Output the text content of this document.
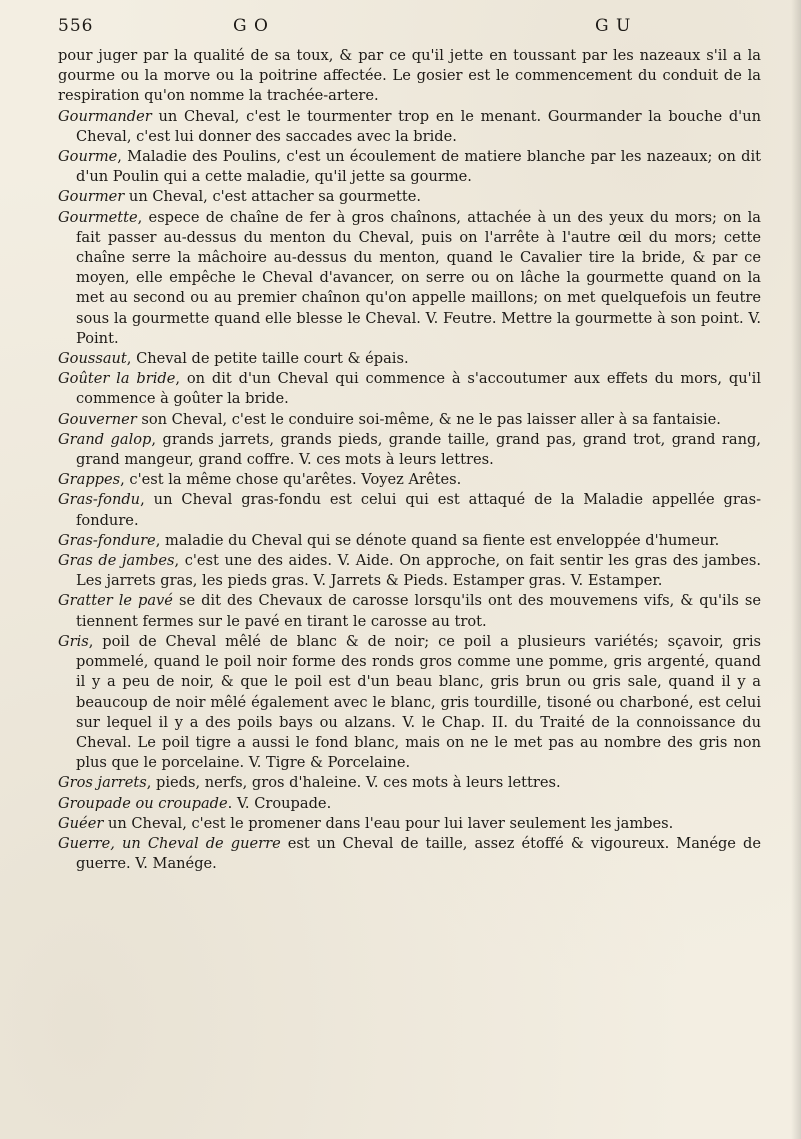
556	G O	G U

pour juger par la qualité de sa toux, & par ce qu'il jette en toussant par les nazeaux s'il a la gourme ou la morve ou la poitrine affectée. Le gosier est le commencement du conduit de la respiration qu'on nomme la trachée-artere.

Gourmander un Cheval, c'est le tourmenter trop en le menant. Gourmander la bouche d'un Cheval, c'est lui donner des saccades avec la bride.

Gourme, Maladie des Poulins, c'est un écoulement de matiere blanche par les nazeaux; on dit d'un Poulin qui a cette maladie, qu'il jette sa gourme.

Gourmer un Cheval, c'est attacher sa gourmette.

Gourmette, espece de chaîne de fer à gros chaînons, attachée à un des yeux du mors; on la fait passer au-dessus du menton du Cheval, puis on l'arrête à l'autre œil du mors; cette chaîne serre la mâchoire au-dessus du menton, quand le Cavalier tire la bride, & par ce moyen, elle empêche le Cheval d'avancer, on serre ou on lâche la gourmette quand on la met au second ou au premier chaînon qu'on appelle maillons; on met quelquefois un feutre sous la gourmette quand elle blesse le Cheval. V. Feutre. Mettre la gourmette à son point. V. Point.

Goussaut, Cheval de petite taille court & épais.

Goûter la bride, on dit d'un Cheval qui commence à s'accoutumer aux effets du mors, qu'il commence à goûter la bride.

Gouverner son Cheval, c'est le conduire soi-même, & ne le pas laisser aller à sa fantaisie.

Grand galop, grands jarrets, grands pieds, grande taille, grand pas, grand trot, grand rang, grand mangeur, grand coffre. V. ces mots à leurs lettres.

Grappes, c'est la même chose qu'arêtes. Voyez Arêtes.

Gras-fondu, un Cheval gras-fondu est celui qui est attaqué de la Maladie appellée gras-fondure.

Gras-fondure, maladie du Cheval qui se dénote quand sa fiente est enveloppée d'humeur.

Gras de jambes, c'est une des aides. V. Aide. On approche, on fait sentir les gras des jambes. Les jarrets gras, les pieds gras. V. Jarrets & Pieds. Estamper gras. V. Estamper.

Gratter le pavé se dit des Chevaux de carosse lorsqu'ils ont des mouvemens vifs, & qu'ils se tiennent fermes sur le pavé en tirant le carosse au trot.

Gris, poil de Cheval mêlé de blanc & de noir; ce poil a plusieurs variétés; sçavoir, gris pommelé, quand le poil noir forme des ronds gros comme une pomme, gris argenté, quand il y a peu de noir, & que le poil est d'un beau blanc, gris brun ou gris sale, quand il y a beaucoup de noir mêlé également avec le blanc, gris tourdille, tisoné ou charboné, est celui sur lequel il y a des poils bays ou alzans. V. le Chap. II. du Traité de la connoissance du Cheval. Le poil tigre a aussi le fond blanc, mais on ne le met pas au nombre des gris non plus que le porcelaine. V. Tigre & Porcelaine.

Gros jarrets, pieds, nerfs, gros d'haleine. V. ces mots à leurs lettres.

Groupade ou croupade. V. Croupade.

Guéer un Cheval, c'est le promener dans l'eau pour lui laver seulement les jambes.

Guerre, un Cheval de guerre est un Cheval de taille, assez étoffé & vigoureux. Manége de guerre. V. Manége.
